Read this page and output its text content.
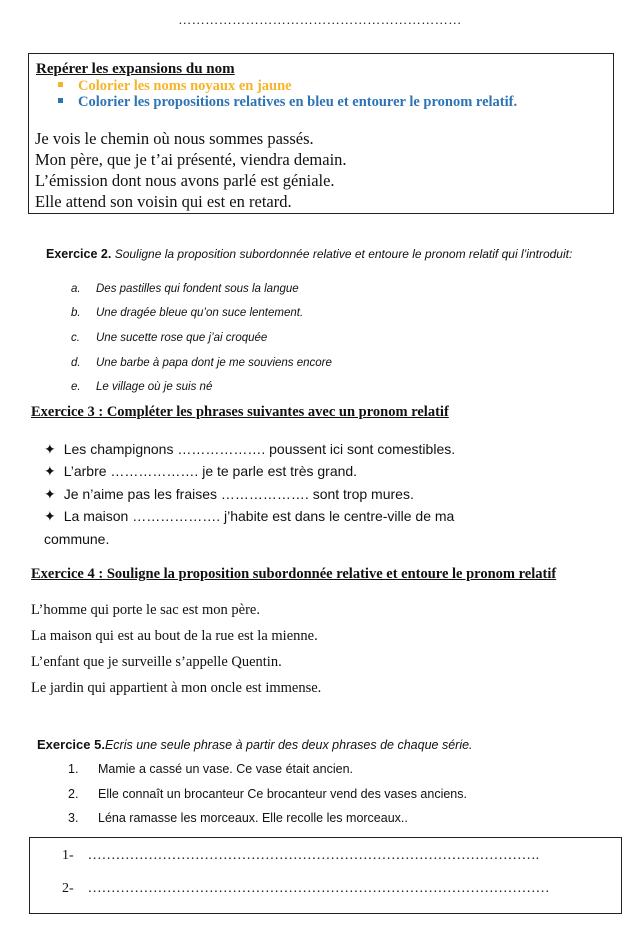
………………………………………………………
Repérer les expansions du nom
Colorier les noms noyaux en jaune
Colorier les propositions relatives en bleu et entourer le pronom relatif.
Je vois le chemin où nous sommes passés.
Mon père, que je t’ai présenté, viendra demain.
L’émission dont nous avons parlé est géniale.
Elle attend son voisin qui est en retard.
Exercice 2. Souligne la proposition subordonnée relative et entoure le pronom relatif qui l’introduit:
a. Des pastilles qui fondent sous la langue
b. Une dragée bleue qu’on suce lentement.
c. Une sucette rose que j’ai croquée
d. Une barbe à papa dont je me souviens encore
e. Le village où je suis né
Exercice 3 : Compléter les phrases suivantes avec un pronom relatif
✦ Les champignons ………………. poussent ici sont comestibles.
✦ L’arbre ………………. je te parle est très grand.
✦ Je n’aime pas les fraises ………………. sont trop mures.
✦ La maison ………………. j’habite est dans le centre-ville de ma
commune.
Exercice 4 : Souligne la proposition subordonnée relative et entoure le pronom relatif
L’homme qui porte le sac est mon père.
La maison qui est au bout de la rue est la mienne.
L’enfant que je surveille s’appelle Quentin.
Le jardin qui appartient à mon oncle est immense.
Exercice 5.Ecris une seule phrase à partir des deux phrases de chaque série.
1. Mamie a cassé un vase. Ce vase était ancien.
2. Elle connaît un brocanteur Ce brocanteur vend des vases anciens.
3. Léna ramasse les morceaux. Elle recolle les morceaux..
1- …………………………………………………………………………………….
2- ………………………………………………………………………………………
